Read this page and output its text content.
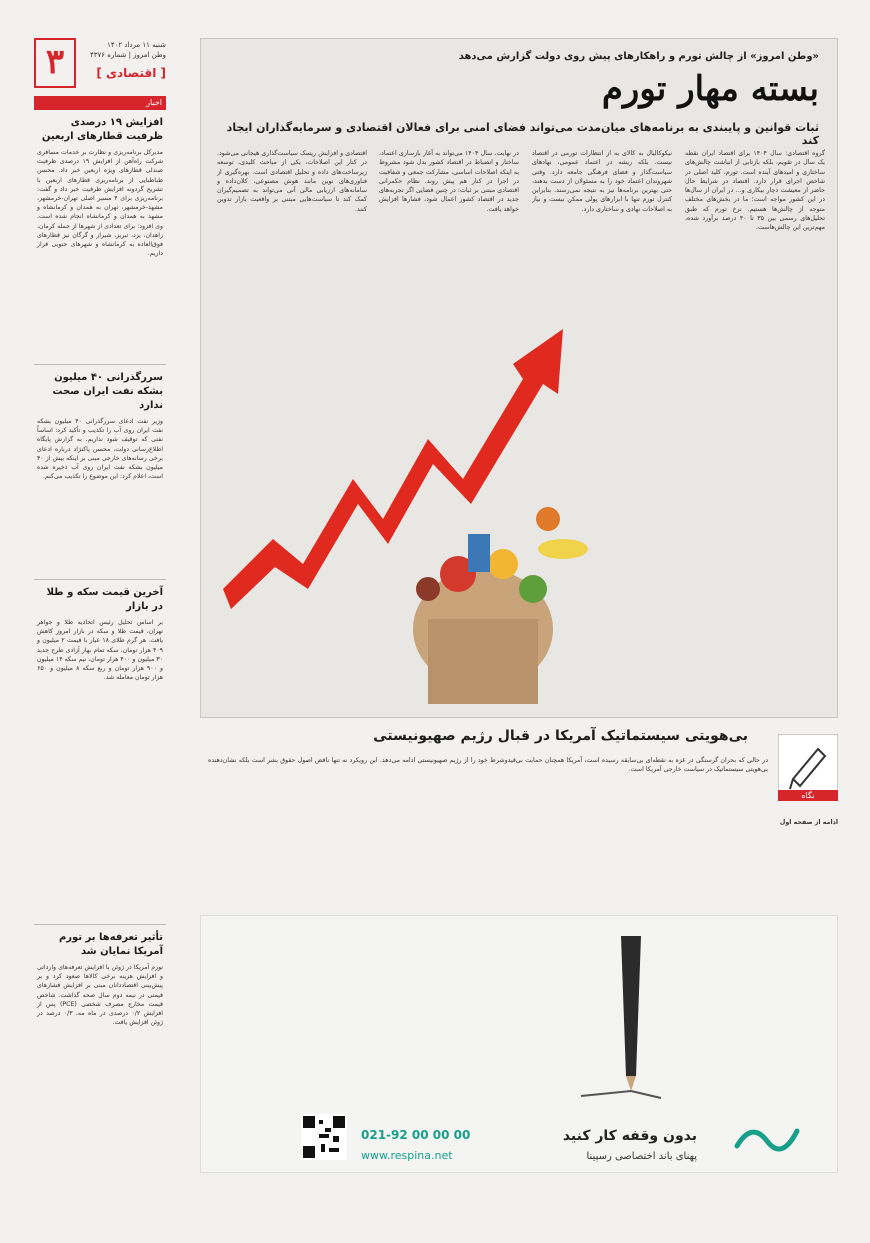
۳	شنبه ۱۱ مرداد ۱۴۰۲
وطن امروز | شماره ۴۳۷۶
[ اقتصادی ]
اخبار
افزایش ۱۹ درصدی ظرفیت قطارهای اربعین

مدیرکل برنامه‌ریزی و نظارت بر خدمات مسافری شرکت راه‌آهن از افزایش ۱۹ درصدی ظرفیت صندلی قطارهای ویژه اربعین خبر داد. محسن طباطبایی از برنامه‌ریزی قطارهای اربعین با تشریح گردونه افزایش ظرفیت خبر داد و گفت: برنامه‌ریزی برای ۴ مسیر اصلی تهران-خرمشهر، مشهد-خرمشهر، تهران به همدان و کرمانشاه و مشهد به همدان و کرمانشاه انجام شده است. وی افزود: برای تعدادی از شهرها از جمله کرمان، زاهدان، یزد، تبریز، شیراز و گرگان نیز قطارهای فوق‌العاده به کرمانشاه و شهرهای جنوبی قرار داریم.

سررگذرانی ۴۰ میلیون بشکه نفت ایران صحت ندارد

وزیر نفت ادعای سررگذرانی ۴۰ میلیون بشکه نفت ایران روی آب را تکذیب و تأکید کرد: اساساً نفتی که توقیف شود نداریم. به گزارش پایگاه اطلاع‌رسانی دولت، محسن پاکنژاد درباره ادعای برخی رسانه‌های خارجی مبنی بر اینکه بیش از ۴۰ میلیون بشکه نفت ایران روی آب ذخیره شده است، اعلام کرد: این موضوع را تکذیب می‌کنم.

آخرین قیمت سکه و طلا در بازار

بر اساس تحلیل رئیس اتحادیه طلا و جواهر تهران، قیمت طلا و سکه در بازار امروز کاهش یافت. هر گرم طلای ۱۸ عیار با قیمت ۲ میلیون و ۴۰۹ هزار تومان، سکه تمام بهار آزادی طرح جدید ۳۰ میلیون و ۴۰۰ هزار تومان، نیم سکه ۱۴ میلیون و ۹۰۰ هزار تومان و ربع سکه ۸ میلیون و ۶۵۰ هزار تومان معامله شد.

تأثیر تعرفه‌ها بر تورم آمریکا نمایان شد

تورم آمریکا در ژوئن با افزایش تعرفه‌های وارداتی و افزایش هزینه برخی کالاها صعود کرد و بر پیش‌بینی اقتصاددانان مبنی بر افزایش فشارهای قیمتی در نیمه دوم سال صحه گذاشت. شاخص قیمت مخارج مصرف شخصی (PCE) پس از افزایش ۰/۲ درصدی در ماه مه، ۰/۳ درصد در ژوئن افزایش یافت.

«وطن امروز» از چالش تورم و راهکارهای پیش روی دولت گزارش می‌دهد
بسته مهار تورم
ثبات قوانین و پایبندی به برنامه‌های میان‌مدت می‌تواند فضای امنی برای فعالان اقتصادی و سرمایه‌گذاران ایجاد کند
گروه اقتصادی: سال ۱۴۰۴ برای اقتصاد ایران نقطه یک سال در تقویم، بلکه بازتابی از انباشت چالش‌های ساختاری و امیدهای آینده است. تورم، کلید اصلی در شاخص اجرای قرار دارد. اقتصاد در شرایط حال حاضر از معیشت دچار بیکاری و... در ایران از سال‌ها در این کشور مواجه است؛ ما در بخش‌های مختلف متوجه از چالش‌ها هستیم. نرخ تورم که طبق تحلیل‌های رسمی بین ۳۵ تا ۴۰ درصد برآورد شده، مهم‌ترین این چالش‌هاست.
نیکوکالیال به کالای به از انتظارات تورمی در اقتصاد نیست. بلکه ریشه در اعتماد عمومی، نهادهای سیاست‌گذار و فضای فرهنگی جامعه دارد. وقتی شهروندان اعتماد خود را به مسئولان از دست بدهند، حتی بهترین برنامه‌ها نیز به نتیجه نمی‌رسند. بنابراین کنترل تورم تنها با ابزارهای پولی ممکن نیست و نیاز به اصلاحات نهادی و ساختاری دارد.
در نهایت، سال ۱۴۰۴ می‌تواند به آغاز بازسازی اعتماد، ساختار و انضباط در اقتصاد کشور بدل شود مشروط به اینکه اصلاحات اساسی، مشارکت جمعی و شفافیت در اجرا در کنار هم پیش روند. نظام حکمرانی اقتصادی مبتنی بر ثبات: در چنین فضایی اگر تجربه‌های جدید در اقتصاد کشور اعمال شود، فشارها افزایش خواهد یافت.
اقتصادی و افزایش ریسک سیاست‌گذاری هیجانی می‌شود. در کنار این اصلاحات، یکی از مباحث کلیدی، توسعه زیرساخت‌های داده و تحلیل اقتصادی است. بهره‌گیری از فناوری‌های نوین مانند هوش مصنوعی، کلان‌داده و سامانه‌های ارزیابی مالی آنی می‌تواند به تصمیم‌گیران کمک کند تا سیاست‌هایی مبتنی بر واقعیت بازار تدوین کنند.
بی‌هویتی سیستماتیک آمریکا در قبال رژیم صهیونیستی
نگاه
ادامه از صفحه اول
در حالی که بحران گرسنگی در غزه به نقطه‌ای بی‌سابقه رسیده است، آمریکا همچنان حمایت بی‌قیدوشرط خود را از رژیم صهیونیستی ادامه می‌دهد. این رویکرد نه تنها ناقض اصول حقوق بشر است بلکه نشان‌دهنده بی‌هویتی سیستماتیک در سیاست خارجی آمریکا است.
بدون وقفه کار کنید
پهنای باند اختصاصی رسپینا
021-92 00 00 00
www.respina.net
